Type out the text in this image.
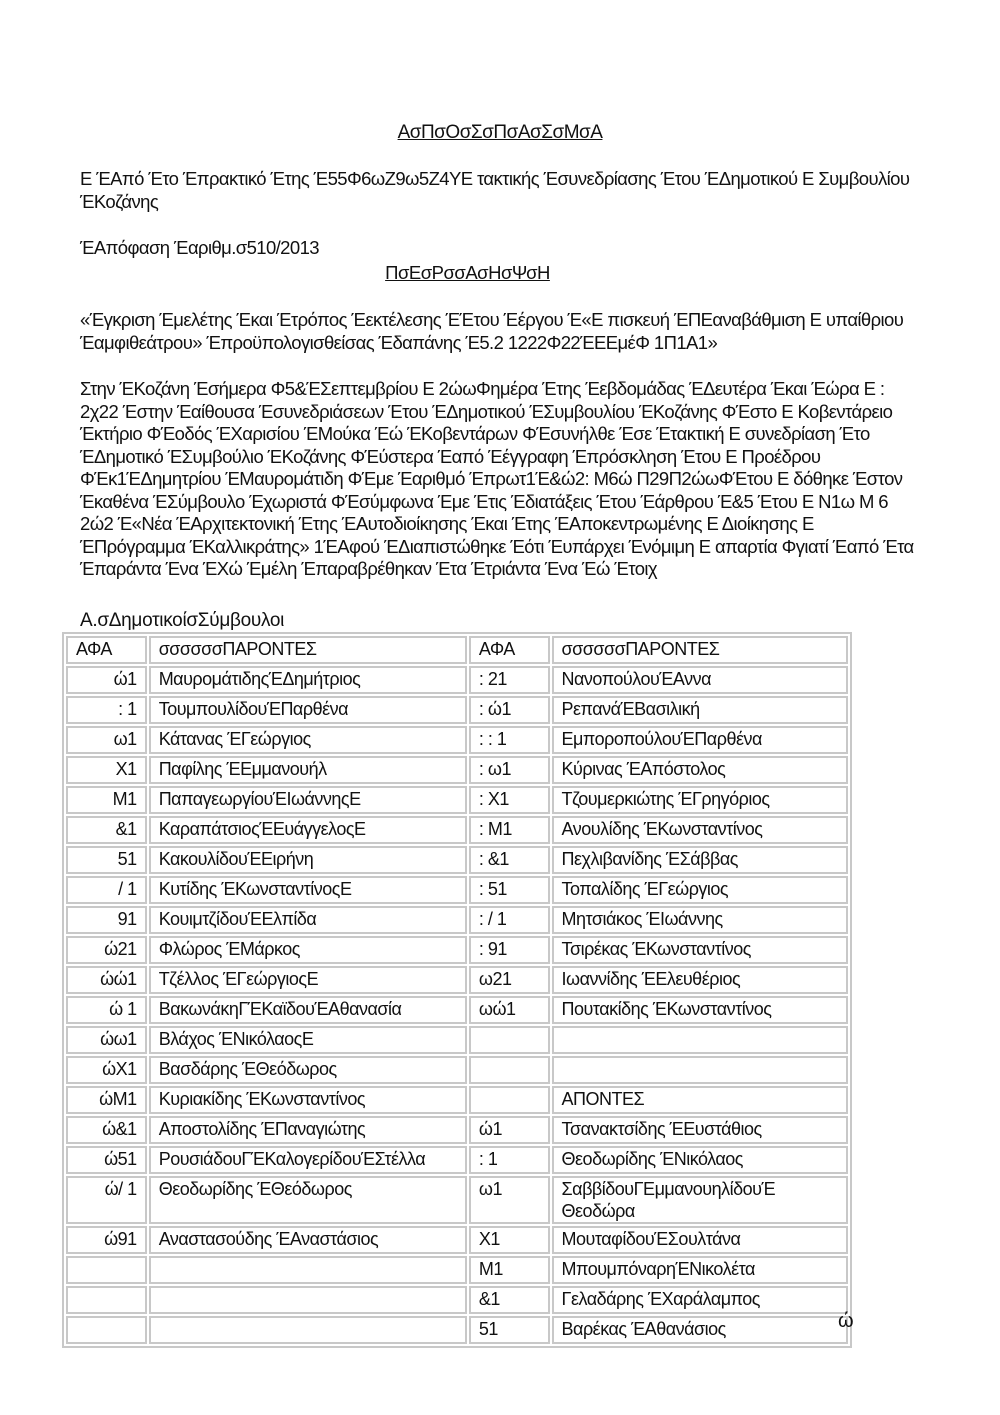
ΑσΠσΟσΣσΠσΑσΣσΜσΑ
Ε ΈΑπό Έτο Έπρακτικό Έτης Έ55Φ6ωΖ9ω5Ζ4ΥΕ τακτικής Έσυνεδρίασης Έτου ΈΔημοτικού Ε Συμβουλίου ΈΚοζάνης
ΈΑπόφαση Έαριθμ.σ510/2013
ΠσΕσΡσσΑσΗσΨσΗ
«Έγκριση Έμελέτης Έκαι Έτρόπος Έεκτέλεσης ΈΈτου Έέργου Έ«Ε πισκευή ΈΠΕαναβάθμιση Ε υπαίθριου Έαμφιθεάτρου» Έπροϋπολογισθείσας Έδαπάνης Έ5.2 1222Φ22ΈΕΕμέΦ 1Π1Α1»
Στην ΈΚοζάνη Έσήμερα Φ5&ΈΣεπτεμβρίου Ε 2ώωΦημέρα Έτης Έεβδομάδας ΈΔευτέρα Έκαι Έώρα Ε : 2χ22 Έστην Έαίθουσα Έσυνεδριάσεων Έτου ΈΔημοτικού ΈΣυμβουλίου ΈΚοζάνης ΦΈστο Ε Κοβεντάρειο Έκτήριο ΦΈοδός ΈΧαρισίου ΈΜούκα Έώ ΈΚοβεντάρων ΦΈσυνήλθε Έσε Έτακτική Ε συνεδρίαση Έτο ΈΔημοτικό ΈΣυμβούλιο ΈΚοζάνης ΦΈύστερα Έαπό Έέγγραφη Έπρόσκληση Έτου Ε Προέδρου ΦΈκ1ΈΔημητρίου ΈΜαυρομάτιδη ΦΈμε Έαριθμό Έπρωτ1Έ&ώ2: Μ6ώ Π29Π2ώωΦΈτου Ε δόθηκε Έστον Έκαθένα ΈΣύμβουλο Έχωριστά ΦΈσύμφωνα Έμε Έτις Έδιατάξεις Έτου Έάρθρου Έ&5 Έτου Ε Ν1ω Μ 6 2ώ2 Έ«Νέα ΈΑρχιτεκτονική Έτης ΈΑυτοδιοίκησης Έκαι Έτης ΈΑποκεντρωμένης Ε Διοίκησης Ε ΈΠρόγραμμα ΈΚαλλικράτης» 1ΈΑφού ΈΔιαπιστώθηκε Έότι Έυπάρχει Ένόμιμη Ε απαρτία Φγιατί Έαπό Έτα Έπαράντα Ένα ΈΧώ Έμέλη Έπαραβρέθηκαν Έτα Έτριάντα Ένα Έώ Έτοιχ
Α.σΔημοτικοίσΣύμβουλοι
ΑΦΑ	σσσσσσΠΑΡΟΝΤΕΣ	ΑΦΑ	σσσσσσΠΑΡΟΝΤΕΣ
ώ1	ΜαυρομάτιδηςΈΔημήτριος	: 21	ΝανοπούλουΈΑννα
: 1	ΤουμπουλίδουΈΠαρθένα	: ώ1	ΡεπανάΈΒασιλική
ω1	Κάτανας ΈΓεώργιος	: : 1	ΕμποροπούλουΈΠαρθένα
Χ1	Παφίλης ΈΕμμανουήλ	: ω1	Κύρινας ΈΑπόστολος
Μ1	ΠαπαγεωργίουΈΙωάννηςΕ	: Χ1	Τζουμερκιώτης ΈΓρηγόριος
&1	ΚαραπάτσιοςΈΕυάγγελοςΕ	: Μ1	Ανουλίδης ΈΚωνσταντίνος
51	ΚακουλίδουΈΕιρήνη	: &1	Πεχλιβανίδης ΈΣάββας
/ 1	Κυτίδης ΈΚωνσταντίνοςΕ	: 51	Τοπαλίδης ΈΓεώργιος
91	ΚουιμτζίδουΈΕλπίδα	: / 1	Μητσιάκος ΈΙωάννης
ώ21	Φλώρος ΈΜάρκος	: 91	Τσιρέκας ΈΚωνσταντίνος
ώώ1	Τζέλλος ΈΓεώργιοςΕ	ω21	Ιωαννίδης ΈΕλευθέριος
ώ 1	ΒακωνάκηΓΈΚαϊδουΈΑθανασία	ωώ1	Πουτακίδης ΈΚωνσταντίνος
ώω1	Βλάχος ΈΝικόλαοςΕ		
ώΧ1	Βασδάρης ΈΘεόδωρος		
ώΜ1	Κυριακίδης ΈΚωνσταντίνος		ΑΠΟΝΤΕΣ
ώ&1	Αποστολίδης ΈΠαναγιώτης	ώ1	Τσανακτσίδης ΈΕυστάθιος
ώ51	ΡουσιάδουΓΈΚαλογερίδουΈΣτέλλα	: 1	Θεοδωρίδης ΈΝικόλαος
ώ/ 1	Θεοδωρίδης ΈΘεόδωρος	ω1	ΣαββίδουΓΕμμανουηλίδουΈ Θεοδώρα
ώ91	Αναστασούδης ΈΑναστάσιος	Χ1	ΜουταφίδουΈΣουλτάνα
		Μ1	ΜπουμπόναρηΈΝικολέτα
		&1	Γελαδάρης ΈΧαράλαμπος
		51	Βαρέκας ΈΑθανάσιος	ώ
